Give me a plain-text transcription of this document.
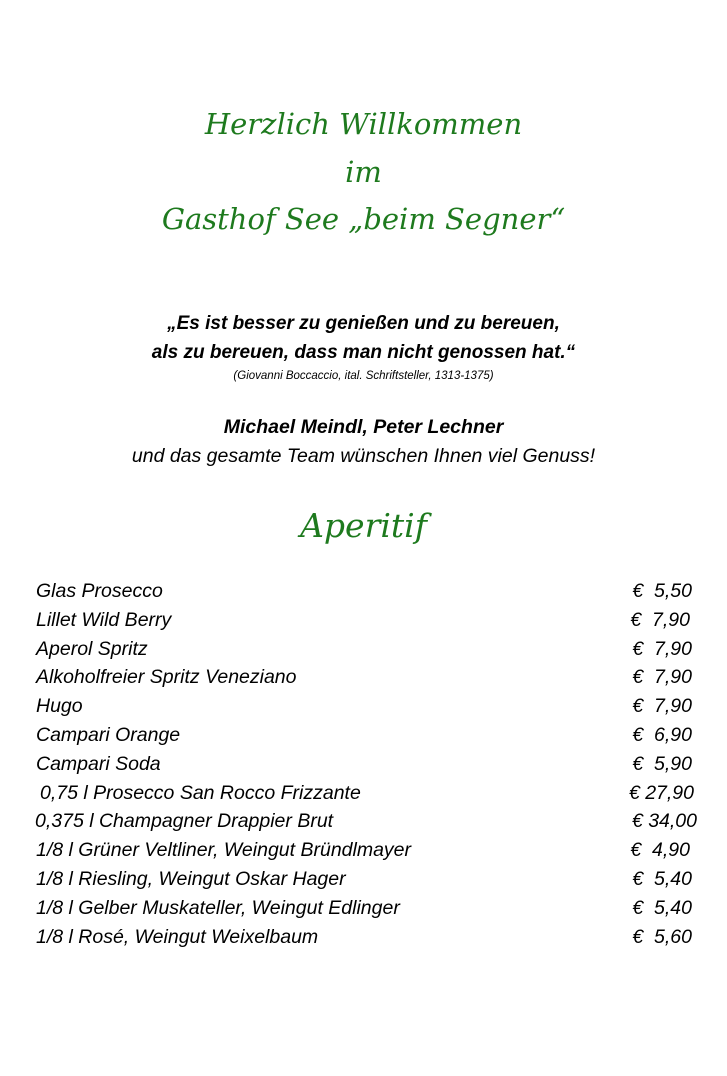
Herzlich Willkommen
im
Gasthof See „beim Segner“
„Es ist besser zu genießen und zu bereuen,
als zu bereuen, dass man nicht genossen hat.“
(Giovanni Boccaccio, ital. Schriftsteller, 1313-1375)
Michael Meindl, Peter Lechner
und das gesamte Team wünschen Ihnen viel Genuss!
Aperitif
Glas Prosecco	€  5,50
Lillet Wild Berry	€  7,90
Aperol Spritz	€  7,90
Alkoholfreier Spritz Veneziano	€  7,90
Hugo	€  7,90
Campari Orange	€  6,90
Campari Soda	€  5,90
0,75 l Prosecco San Rocco Frizzante	€ 27,90
0,375 l Champagner Drappier Brut	€ 34,00
1/8 l Grüner Veltliner, Weingut Bründlmayer	€  4,90
1/8 l Riesling, Weingut Oskar Hager	€  5,40
1/8 l Gelber Muskateller, Weingut Edlinger	€  5,40
1/8 l Rosé, Weingut Weixelbaum	€  5,60
